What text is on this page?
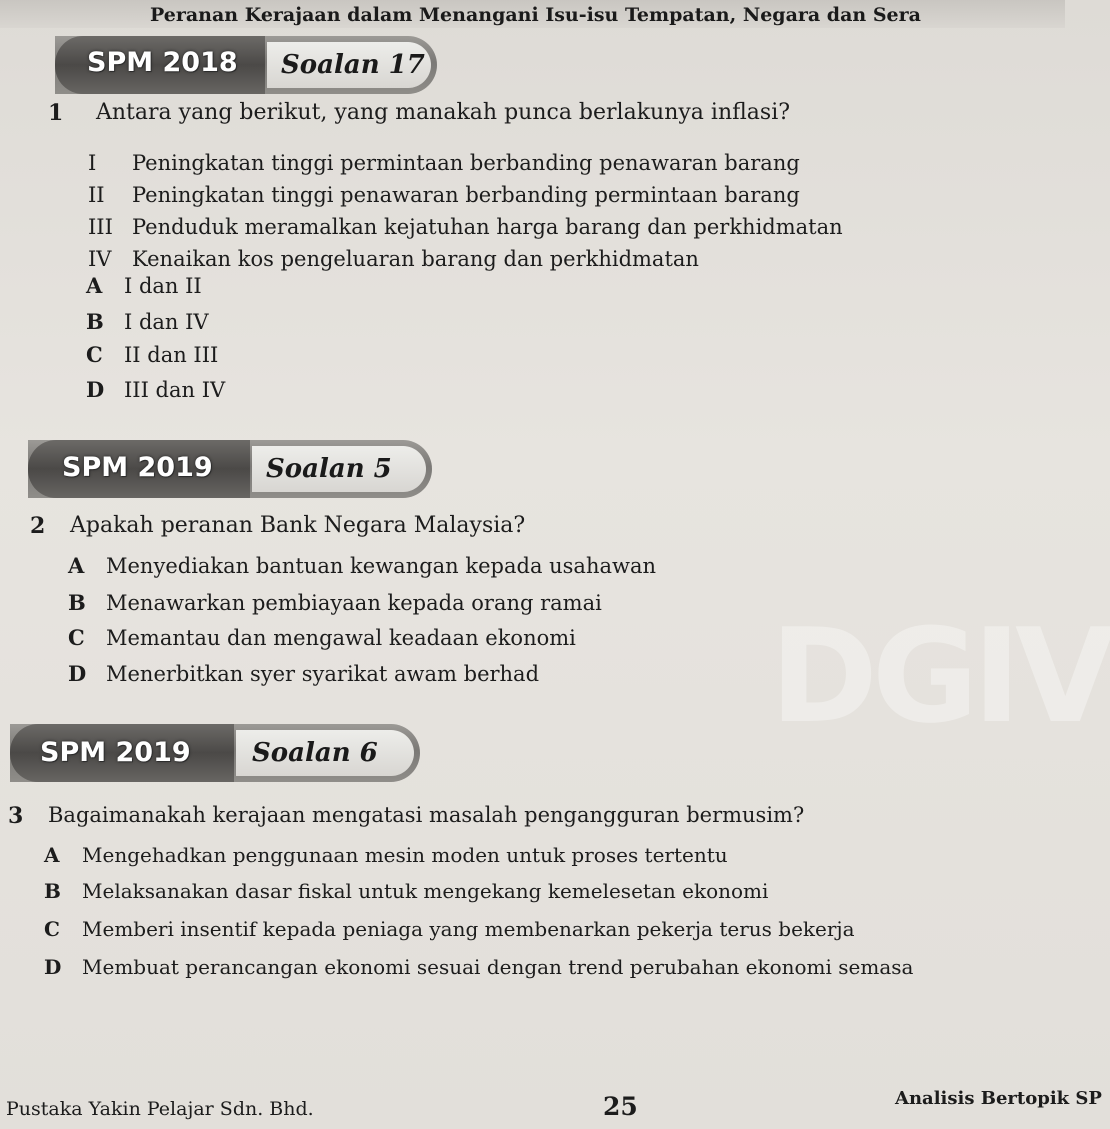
Peranan Kerajaan dalam Menangani Isu-isu Tempatan, Negara dan Sera
SPM 2018 Soalan 17
1 Antara yang berikut, yang manakah punca berlakunya inflasi?
I Peningkatan tinggi permintaan berbanding penawaran barang
II Peningkatan tinggi penawaran berbanding permintaan barang
III Penduduk meramalkan kejatuhan harga barang dan perkhidmatan
IV Kenaikan kos pengeluaran barang dan perkhidmatan
A I dan II
B I dan IV
C II dan III
D III dan IV
SPM 2019 Soalan 5
2 Apakah peranan Bank Negara Malaysia?
A Menyediakan bantuan kewangan kepada usahawan
B Menawarkan pembiayaan kepada orang ramai
C Memantau dan mengawal keadaan ekonomi
D Menerbitkan syer syarikat awam berhad DGIV
SPM 2019 Soalan 6
3 Bagaimanakah kerajaan mengatasi masalah pengangguran bermusim?
A Mengehadkan penggunaan mesin moden untuk proses tertentu
B Melaksanakan dasar fiskal untuk mengekang kemelesetan ekonomi
C Memberi insentif kepada peniaga yang membenarkan pekerja terus bekerja
D Membuat perancangan ekonomi sesuai dengan trend perubahan ekonomi semasa
Pustaka Yakin Pelajar Sdn. Bhd.	25	Analisis Bertopik SP
